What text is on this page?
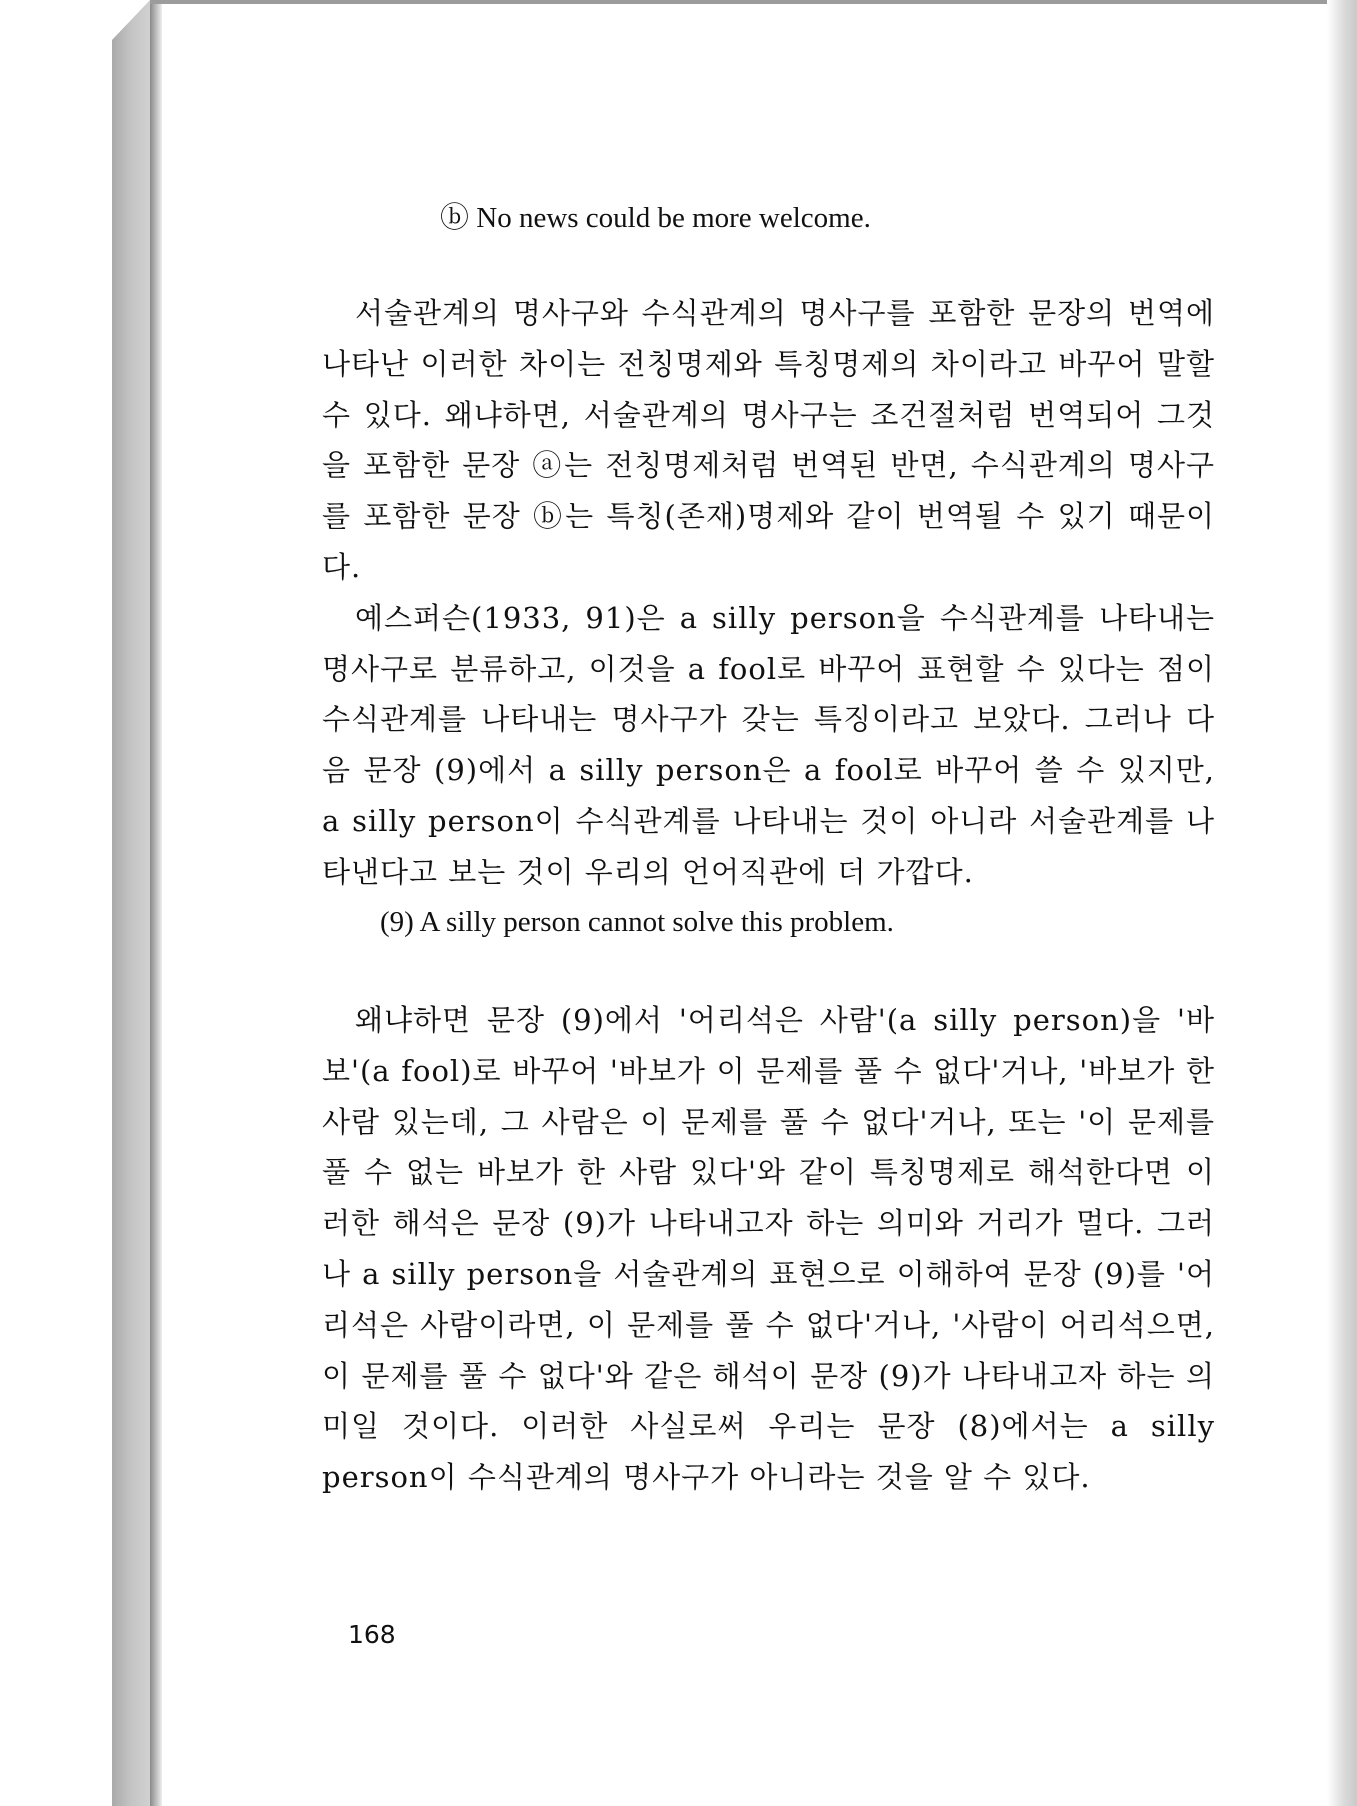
ⓑ No news could be more welcome.

서술관계의 명사구와 수식관계의 명사구를 포함한 문장의 번역에 나타난 이러한 차이는 전칭명제와 특칭명제의 차이라고 바꾸어 말할 수 있다. 왜냐하면, 서술관계의 명사구는 조건절처럼 번역되어 그것을 포함한 문장 ⓐ는 전칭명제처럼 번역된 반면, 수식관계의 명사구를 포함한 문장 ⓑ는 특칭(존재)명제와 같이 번역될 수 있기 때문이다.

예스퍼슨(1933, 91)은 a silly person을 수식관계를 나타내는 명사구로 분류하고, 이것을 a fool로 바꾸어 표현할 수 있다는 점이 수식관계를 나타내는 명사구가 갖는 특징이라고 보았다. 그러나 다음 문장 (9)에서 a silly person은 a fool로 바꾸어 쓸 수 있지만, a silly person이 수식관계를 나타내는 것이 아니라 서술관계를 나타낸다고 보는 것이 우리의 언어직관에 더 가깝다.

(9) A silly person cannot solve this problem.

왜냐하면 문장 (9)에서 '어리석은 사람'(a silly person)을 '바보'(a fool)로 바꾸어 '바보가 이 문제를 풀 수 없다'거나, '바보가 한 사람 있는데, 그 사람은 이 문제를 풀 수 없다'거나, 또는 '이 문제를 풀 수 없는 바보가 한 사람 있다'와 같이 특칭명제로 해석한다면 이러한 해석은 문장 (9)가 나타내고자 하는 의미와 거리가 멀다. 그러나 a silly person을 서술관계의 표현으로 이해하여 문장 (9)를 '어리석은 사람이라면, 이 문제를 풀 수 없다'거나, '사람이 어리석으면, 이 문제를 풀 수 없다'와 같은 해석이 문장 (9)가 나타내고자 하는 의미일 것이다. 이러한 사실로써 우리는 문장 (8)에서는 a silly person이 수식관계의 명사구가 아니라는 것을 알 수 있다.

168
